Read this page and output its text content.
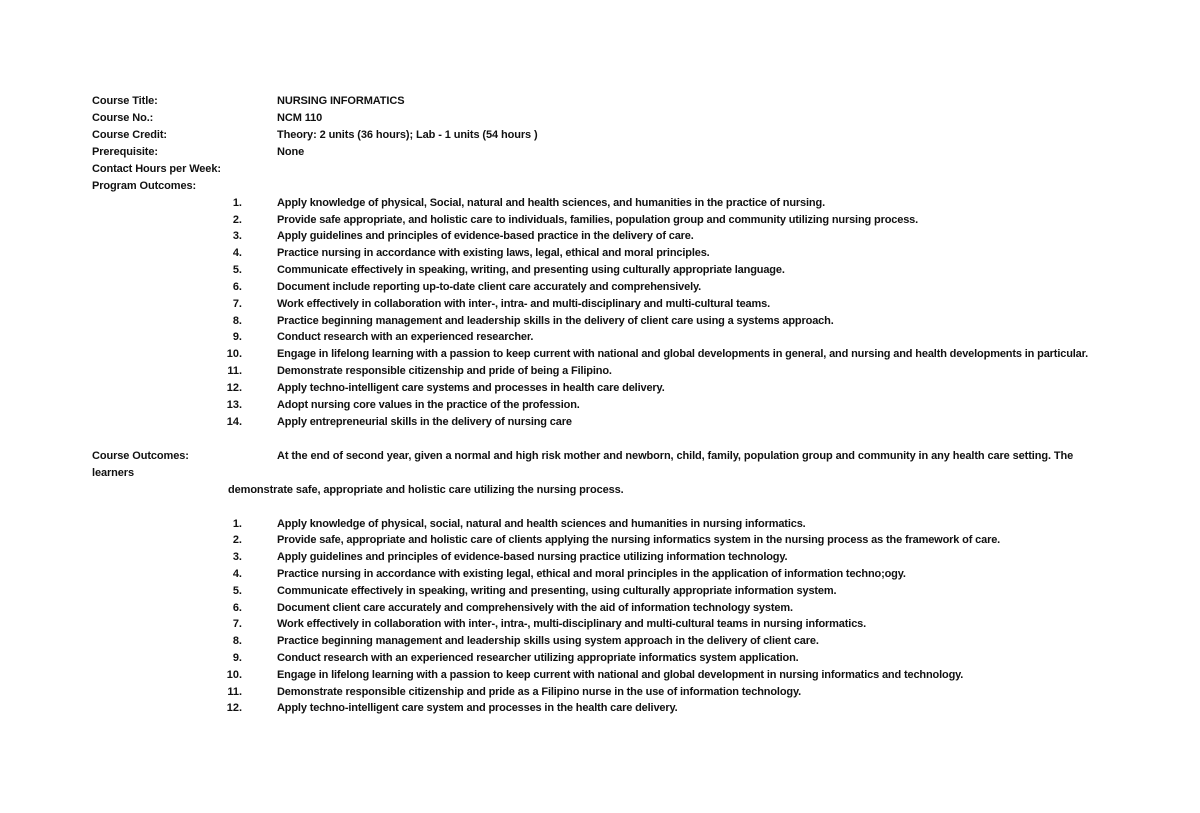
Course Title:	NURSING INFORMATICS
Course No.:	NCM 110
Course Credit:	Theory: 2 units (36 hours); Lab - 1 units (54 hours )
Prerequisite:	None
Contact Hours per Week:
Program Outcomes:
1.	Apply knowledge of physical, Social, natural and health sciences, and humanities in the practice of nursing.
2.	Provide safe appropriate, and holistic care to individuals, families, population group and community utilizing nursing process.
3.	Apply guidelines and principles of evidence-based practice in the delivery of care.
4.	Practice nursing in accordance with existing laws, legal, ethical and moral principles.
5.	Communicate effectively in speaking, writing, and presenting using culturally appropriate language.
6.	Document include reporting up-to-date client care accurately and comprehensively.
7.	Work effectively in collaboration with inter-, intra- and multi-disciplinary and multi-cultural teams.
8.	Practice beginning management and leadership skills in the delivery of client care using a systems approach.
9.	Conduct research with an experienced researcher.
10.	Engage in lifelong learning with a passion to keep current with national and global developments in general, and nursing and health developments in particular.
11.	Demonstrate responsible citizenship and pride of being a Filipino.
12.	Apply techno-intelligent care systems and processes in health care delivery.
13.	Adopt nursing core values in the practice of the profession.
14.	Apply entrepreneurial skills in the delivery of nursing care
Course Outcomes:	At the end of second year, given a normal and high risk mother and newborn, child, family, population group and community in any health care setting. The
learners
demonstrate safe, appropriate and holistic care utilizing the nursing process.
1.	Apply knowledge of physical, social, natural and health sciences and humanities in nursing informatics.
2.	Provide safe, appropriate and holistic care of clients applying the nursing informatics system in the nursing process as the framework of care.
3.	Apply guidelines and principles of evidence-based nursing practice utilizing information technology.
4.	Practice nursing in accordance with existing legal, ethical and moral principles in the application of information techno;ogy.
5.	Communicate effectively in speaking, writing and presenting, using culturally appropriate information system.
6.	Document client care accurately and comprehensively with the aid of information technology system.
7.	Work effectively in collaboration with inter-, intra-, multi-disciplinary and multi-cultural teams in nursing informatics.
8.	Practice beginning management and leadership skills using system approach in the delivery of client care.
9.	Conduct research with an experienced researcher utilizing appropriate informatics system application.
10.	Engage in lifelong learning with a passion to keep current with national and global development in nursing informatics and technology.
11.	Demonstrate responsible citizenship and pride as a Filipino nurse in the use of information technology.
12.	Apply techno-intelligent care system and processes in the health care delivery.
